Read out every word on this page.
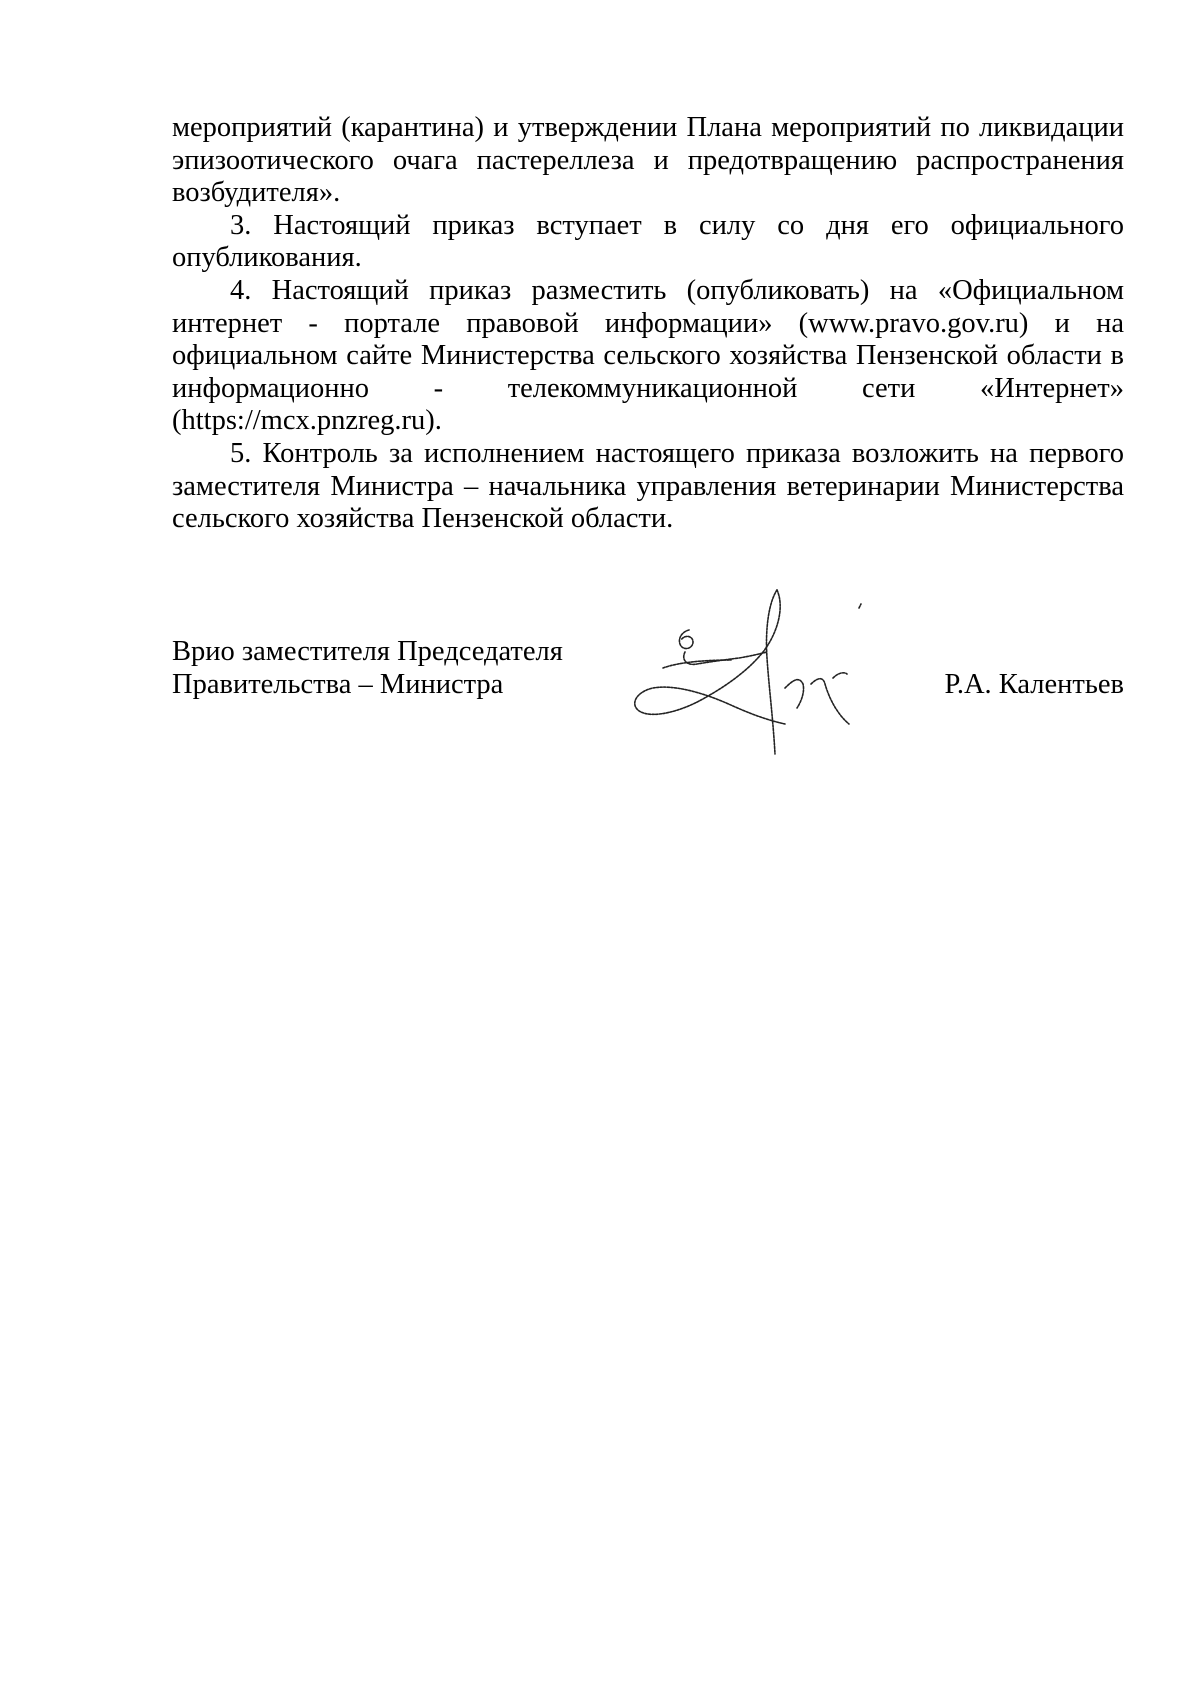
мероприятий (карантина) и утверждении Плана мероприятий по ликвидации эпизоотического очага пастереллеза и предотвращению распространения возбудителя».

3. Настоящий приказ вступает в силу со дня его официального опубликования.

4. Настоящий приказ разместить (опубликовать) на «Официальном интернет - портале правовой информации» (www.pravo.gov.ru) и на официальном сайте Министерства сельского хозяйства Пензенской области в информационно - телекоммуникационной сети «Интернет» (https://mcx.pnzreg.ru).

5. Контроль за исполнением настоящего приказа возложить на первого заместителя Министра – начальника управления ветеринарии Министерства сельского хозяйства Пензенской области.

Врио заместителя Председателя
Правительства – Министра	Р.А. Калентьев
